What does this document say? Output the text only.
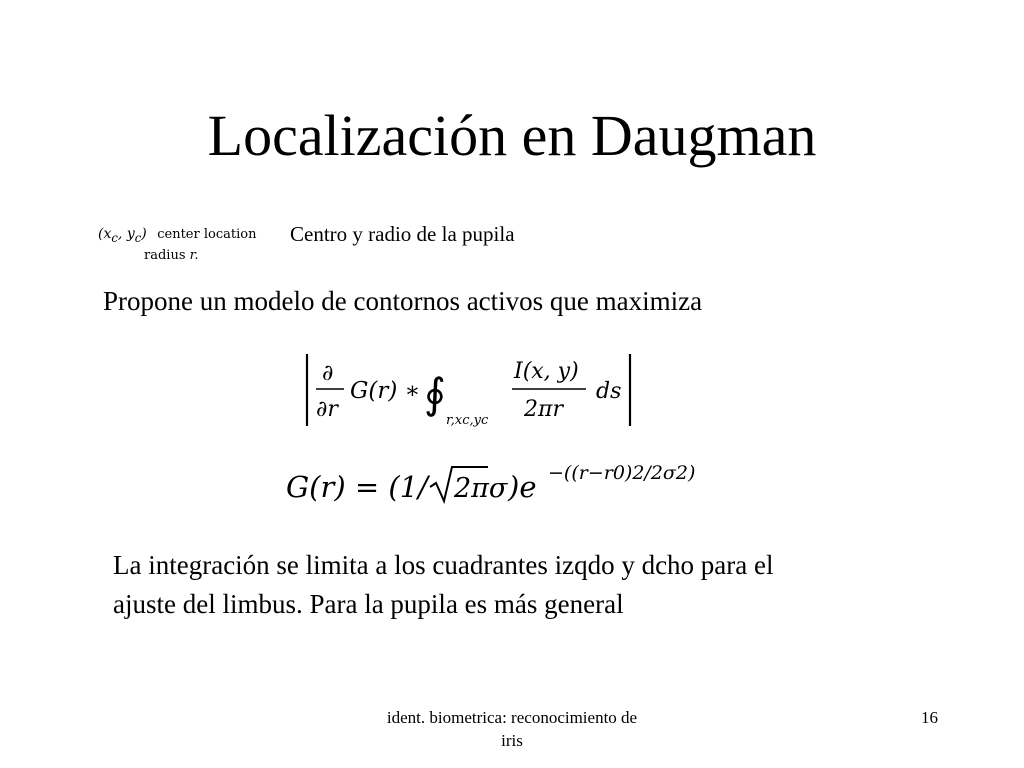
Localización en Daugman
($x_c$, $y_c$) center location
radius r.
Centro y radio de la pupila
Propone un modelo de contornos activos que maximiza
∂
∂r
G(r) ∗ ∮
r,xc,yc
I(x, y)
2πr
ds
G(r) = (1/ 2πσ )e −((r−r0)2/2σ2)
La integración se limita a los cuadrantes izqdo y dcho para el
ajuste del limbus. Para la pupila es más general
ident. biometrica: reconocimiento de
iris
16
